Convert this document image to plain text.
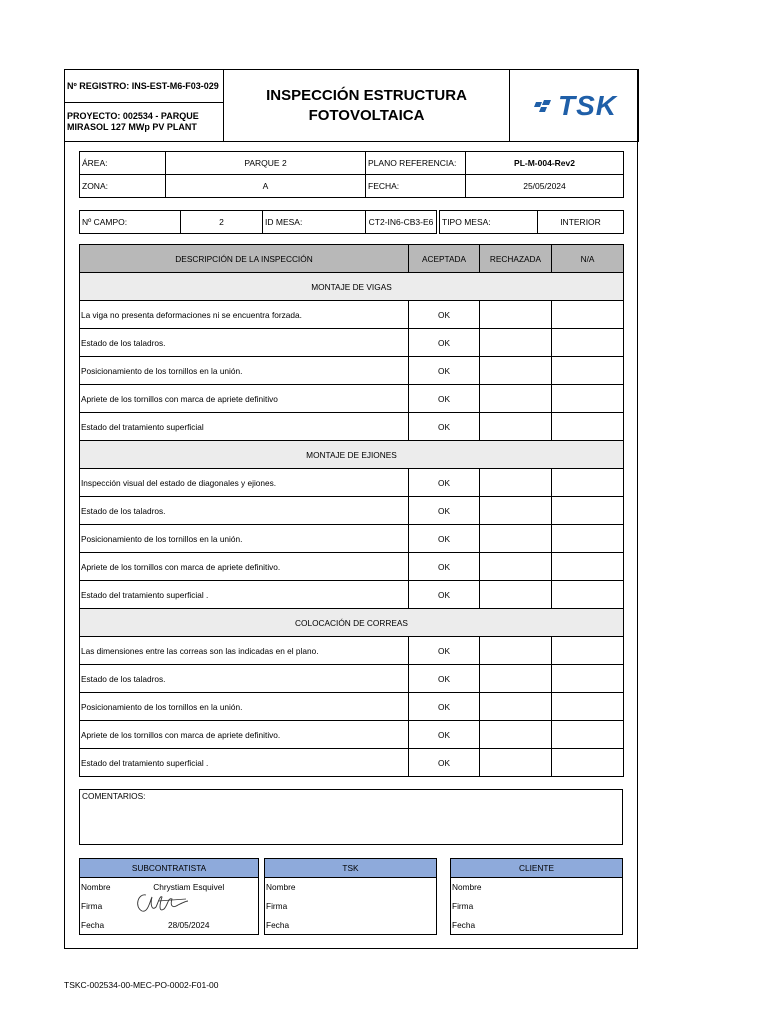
Nº REGISTRO: INS-EST-M6-F03-029	
INSPECCIÓN ESTRUCTURA
FOTOVOLTAICA	TSK

PROYECTO: 002534 - PARQUE MIRASOL 127 MWp PV PLANT
ÁREA:	PARQUE 2	PLANO REFERENCIA:	PL-M-004-Rev2
ZONA:	A	FECHA:	25/05/2024
Nº CAMPO:	2	ID MESA:	CT2-IN6-CB3-E6		TIPO MESA:	INTERIOR
DESCRIPCIÓN DE LA INSPECCIÓN	ACEPTADA	RECHAZADA	N/A
MONTAJE DE VIGAS			
La viga no presenta deformaciones ni se encuentra forzada.	OK		
Estado de los taladros.	OK		
Posicionamiento de los tornillos en la unión.	OK		
Apriete de los tornillos con marca de apriete definitivo	OK		
Estado del tratamiento superficial	OK		
MONTAJE DE EJIONES			
Inspección visual del estado de diagonales y ejiones.	OK		
Estado de los taladros.	OK		
Posicionamiento de los tornillos en la unión.	OK		
Apriete de los tornillos con marca de apriete definitivo.	OK		
Estado del tratamiento superficial .	OK		
COLOCACIÓN DE CORREAS			
Las dimensiones entre las correas son las indicadas en el plano.	OK		
Estado de los taladros.	OK		
Posicionamiento de los tornillos en la unión.	OK		
Apriete de los tornillos con marca de apriete definitivo.	OK		
Estado del tratamiento superficial .	OK		
COMENTARIOS:
SUBCONTRATISTA	
Nombre	Chrystiam Esquivel
Firma	

Fecha	28/05/2024
TSK	
Nombre	
Firma	
Fecha	
CLIENTE	
Nombre	
Firma	
Fecha	
TSKC-002534-00-MEC-PO-0002-F01-00
